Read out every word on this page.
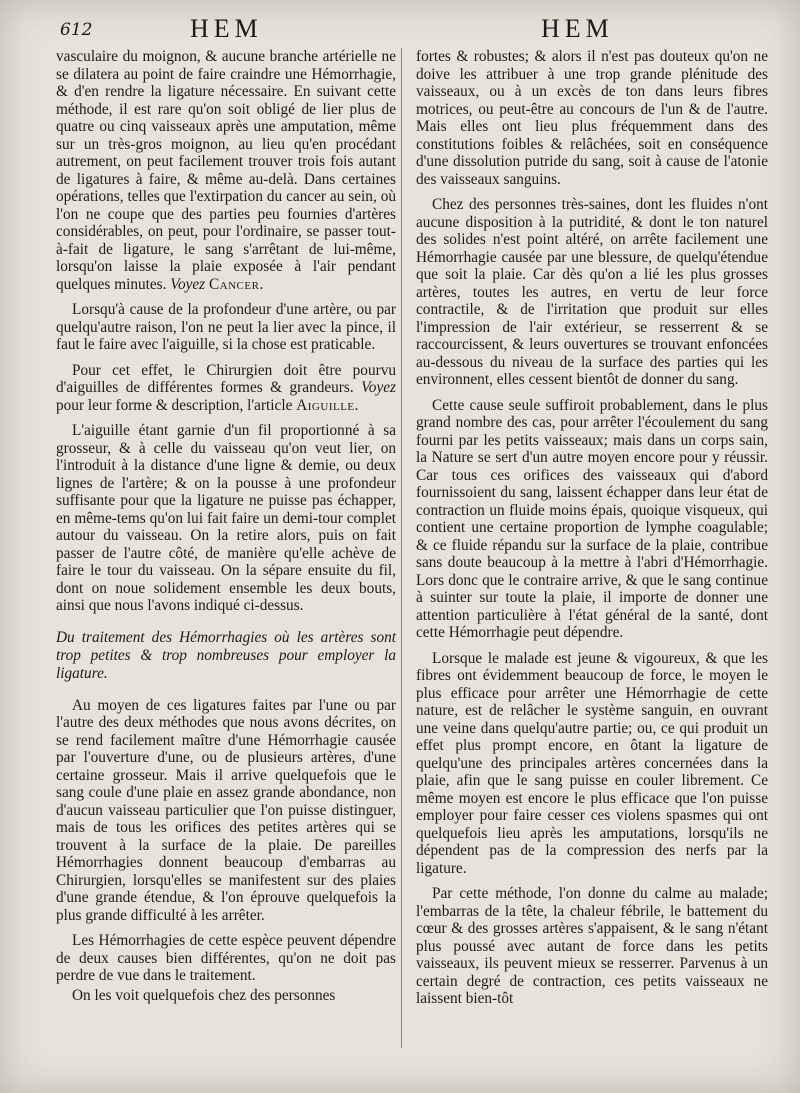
612	HEM	HEM

vasculaire du moignon, & aucune branche artérielle ne se dilatera au point de faire craindre une Hémorrhagie, & d'en rendre la ligature nécessaire. En suivant cette méthode, il est rare qu'on soit obligé de lier plus de quatre ou cinq vaisseaux après une amputation, même sur un très-gros moignon, au lieu qu'en procédant autrement, on peut facilement trouver trois fois autant de ligatures à faire, & même au-delà. Dans certaines opérations, telles que l'extirpation du cancer au sein, où l'on ne coupe que des parties peu fournies d'artères considérables, on peut, pour l'ordinaire, se passer tout-à-fait de ligature, le sang s'arrêtant de lui-même, lorsqu'on laisse la plaie exposée à l'air pendant quelques minutes. Voyez Cancer.

Lorsqu'à cause de la profondeur d'une artère, ou par quelqu'autre raison, l'on ne peut la lier avec la pince, il faut le faire avec l'aiguille, si la chose est praticable.

Pour cet effet, le Chirurgien doit être pourvu d'aiguilles de différentes formes & grandeurs. Voyez pour leur forme & description, l'article Aiguille.

L'aiguille étant garnie d'un fil proportionné à sa grosseur, & à celle du vaisseau qu'on veut lier, on l'introduit à la distance d'une ligne & demie, ou deux lignes de l'artère; & on la pousse à une profondeur suffisante pour que la ligature ne puisse pas échapper, en même-tems qu'on lui fait faire un demi-tour complet autour du vaisseau. On la retire alors, puis on fait passer de l'autre côté, de manière qu'elle achève de faire le tour du vaisseau. On la sépare ensuite du fil, dont on noue solidement ensemble les deux bouts, ainsi que nous l'avons indiqué ci-dessus.

Du traitement des Hémorrhagies où les artères sont trop petites & trop nombreuses pour employer la ligature.

Au moyen de ces ligatures faites par l'une ou par l'autre des deux méthodes que nous avons décrites, on se rend facilement maître d'une Hémorrhagie causée par l'ouverture d'une, ou de plusieurs artères, d'une certaine grosseur. Mais il arrive quelquefois que le sang coule d'une plaie en assez grande abondance, non d'aucun vaisseau particulier que l'on puisse distinguer, mais de tous les orifices des petites artères qui se trouvent à la surface de la plaie. De pareilles Hémorrhagies donnent beaucoup d'embarras au Chirurgien, lorsqu'elles se manifestent sur des plaies d'une grande étendue, & l'on éprouve quelquefois la plus grande difficulté à les arrêter.

Les Hémorrhagies de cette espèce peuvent dépendre de deux causes bien différentes, qu'on ne doit pas perdre de vue dans le traitement.

On les voit quelquefois chez des personnes

fortes & robustes; & alors il n'est pas douteux qu'on ne doive les attribuer à une trop grande plénitude des vaisseaux, ou à un excès de ton dans leurs fibres motrices, ou peut-être au concours de l'un & de l'autre. Mais elles ont lieu plus fréquemment dans des constitutions foibles & relâchées, soit en conséquence d'une dissolution putride du sang, soit à cause de l'atonie des vaisseaux sanguins.

Chez des personnes très-saines, dont les fluides n'ont aucune disposition à la putridité, & dont le ton naturel des solides n'est point altéré, on arrête facilement une Hémorrhagie causée par une blessure, de quelqu'étendue que soit la plaie. Car dès qu'on a lié les plus grosses artères, toutes les autres, en vertu de leur force contractile, & de l'irritation que produit sur elles l'impression de l'air extérieur, se resserrent & se raccourcissent, & leurs ouvertures se trouvant enfoncées au-dessous du niveau de la surface des parties qui les environnent, elles cessent bientôt de donner du sang.

Cette cause seule suffiroit probablement, dans le plus grand nombre des cas, pour arrêter l'écoulement du sang fourni par les petits vaisseaux; mais dans un corps sain, la Nature se sert d'un autre moyen encore pour y réussir. Car tous ces orifices des vaisseaux qui d'abord fournissoient du sang, laissent échapper dans leur état de contraction un fluide moins épais, quoique visqueux, qui contient une certaine proportion de lymphe coagulable; & ce fluide répandu sur la surface de la plaie, contribue sans doute beaucoup à la mettre à l'abri d'Hémorrhagie. Lors donc que le contraire arrive, & que le sang continue à suinter sur toute la plaie, il importe de donner une attention particulière à l'état général de la santé, dont cette Hémorrhagie peut dépendre.

Lorsque le malade est jeune & vigoureux, & que les fibres ont évidemment beaucoup de force, le moyen le plus efficace pour arrêter une Hémorrhagie de cette nature, est de relâcher le système sanguin, en ouvrant une veine dans quelqu'autre partie; ou, ce qui produit un effet plus prompt encore, en ôtant la ligature de quelqu'une des principales artères concernées dans la plaie, afin que le sang puisse en couler librement. Ce même moyen est encore le plus efficace que l'on puisse employer pour faire cesser ces violens spasmes qui ont quelquefois lieu après les amputations, lorsqu'ils ne dépendent pas de la compression des nerfs par la ligature.

Par cette méthode, l'on donne du calme au malade; l'embarras de la tête, la chaleur fébrile, le battement du cœur & des grosses artères s'appaisent, & le sang n'étant plus poussé avec autant de force dans les petits vaisseaux, ils peuvent mieux se resserrer. Parvenus à un certain degré de contraction, ces petits vaisseaux ne laissent bien-tôt
